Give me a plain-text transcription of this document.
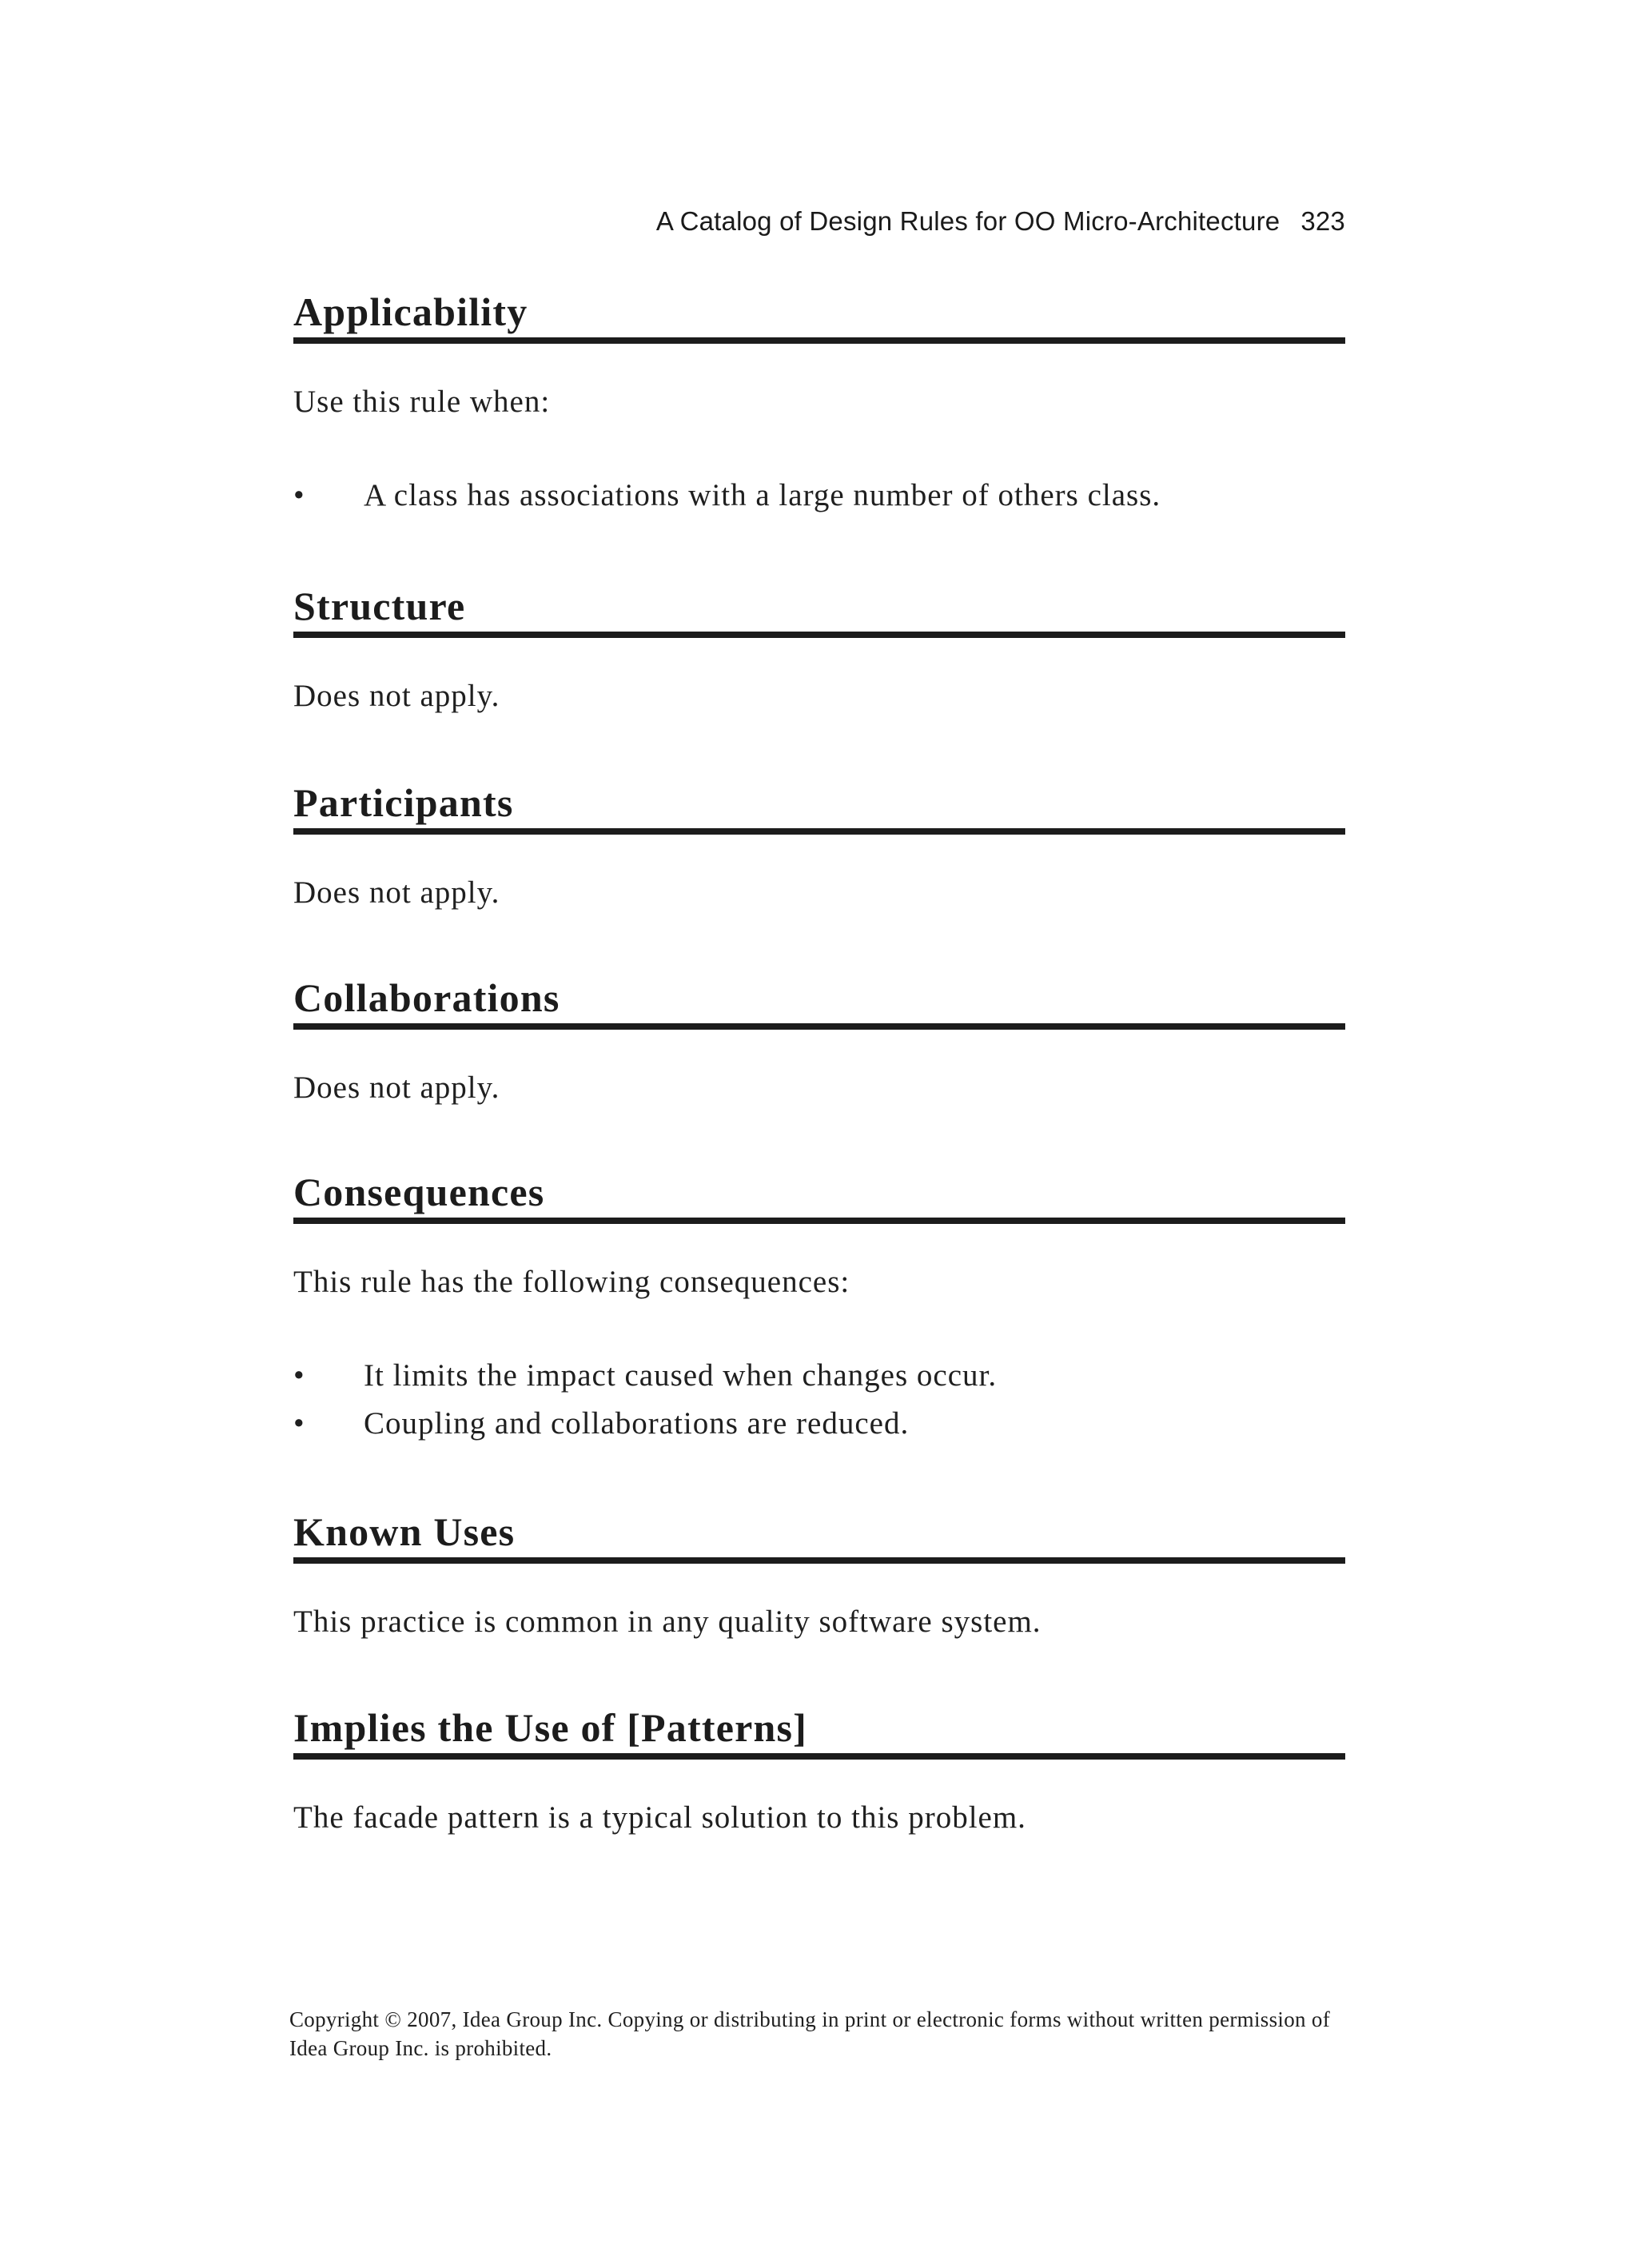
A Catalog of Design Rules for OO Micro-Architecture 323
Applicability

Use this rule when:

• A class has associations with a large number of others class.
Structure

Does not apply.

Participants

Does not apply.

Collaborations

Does not apply.

Consequences

This rule has the following consequences:

• It limits the impact caused when changes occur.
• Coupling and collaborations are reduced.
Known Uses

This practice is common in any quality software system.

Implies the Use of [Patterns]

The facade pattern is a typical solution to this problem.

Copyright © 2007, Idea Group Inc. Copying or distributing in print or electronic forms without written permission of Idea Group Inc. is prohibited.
